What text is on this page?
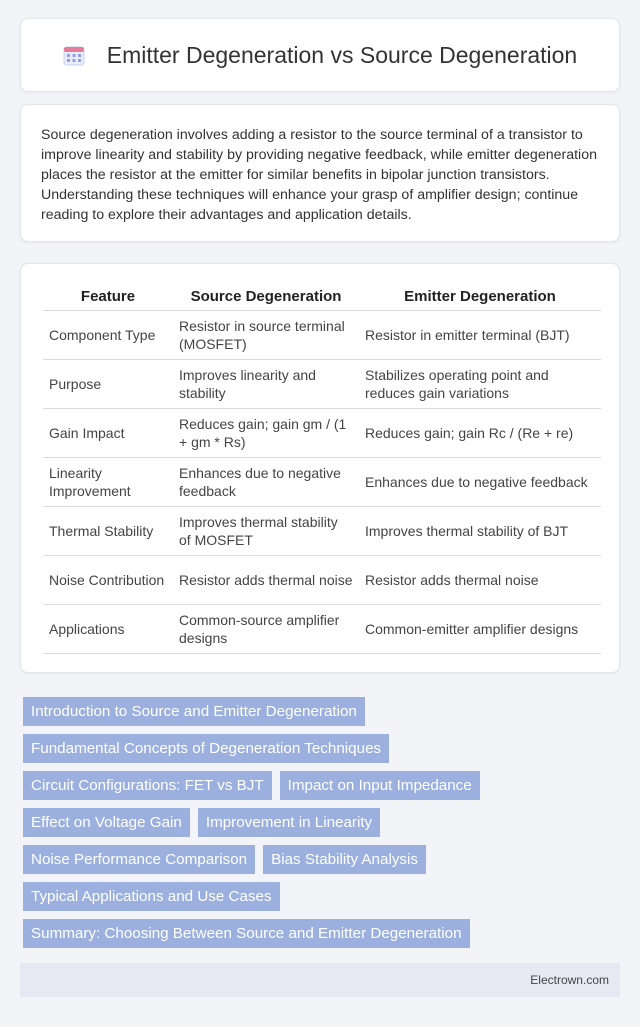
Emitter Degeneration vs Source Degeneration

Source degeneration involves adding a resistor to the source terminal of a transistor to improve linearity and stability by providing negative feedback, while emitter degeneration places the resistor at the emitter for similar benefits in bipolar junction transistors. Understanding these techniques will enhance your grasp of amplifier design; continue reading to explore their advantages and application details.

Feature	Source Degeneration	Emitter Degeneration
Component Type	Resistor in source terminal (MOSFET)	Resistor in emitter terminal (BJT)
Purpose	Improves linearity and stability	Stabilizes operating point and reduces gain variations
Gain Impact	Reduces gain; gain gm / (1 + gm * Rs)	Reduces gain; gain Rc / (Re + re)
Linearity Improvement	Enhances due to negative feedback	Enhances due to negative feedback
Thermal Stability	Improves thermal stability of MOSFET	Improves thermal stability of BJT
Noise Contribution	Resistor adds thermal noise	Resistor adds thermal noise
Applications	Common-source amplifier designs	Common-emitter amplifier designs
Introduction to Source and Emitter Degeneration
Fundamental Concepts of Degeneration Techniques
Circuit Configurations: FET vs BJT	Impact on Input Impedance
Effect on Voltage Gain	Improvement in Linearity
Noise Performance Comparison	Bias Stability Analysis
Typical Applications and Use Cases
Summary: Choosing Between Source and Emitter Degeneration
Electrown.com
